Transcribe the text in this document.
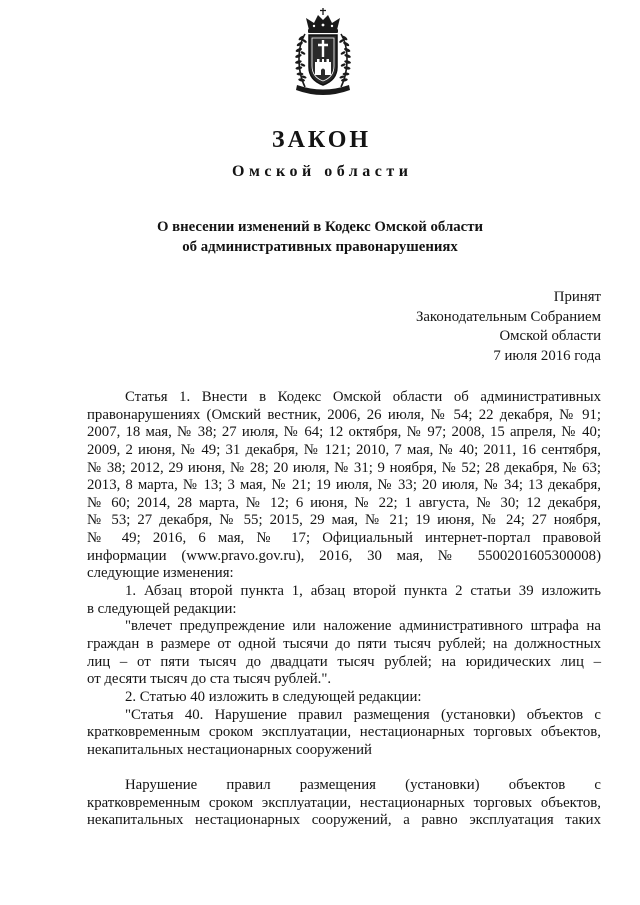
ЗАКОН
Омской области
О внесении изменений в Кодекс Омской области
об административных правонарушениях
Принят
Законодательным Собранием
Омской области
7 июля 2016 года
Статья 1. Внести в Кодекс Омской области об административных
правонарушениях (Омский вестник, 2006, 26 июля, № 54; 22 декабря, № 91;
2007, 18 мая, № 38; 27 июля, № 64; 12 октября, № 97; 2008, 15 апреля, № 40;
2009, 2 июня, № 49; 31 декабря, № 121; 2010, 7 мая, № 40; 2011, 16 сентября,
№ 38; 2012, 29 июня, № 28; 20 июля, № 31; 9 ноября, № 52; 28 декабря, № 63;
2013, 8 марта, № 13; 3 мая, № 21; 19 июля, № 33; 20 июля, № 34; 13 декабря,
№ 60; 2014, 28 марта, № 12; 6 июня, № 22; 1 августа, № 30; 12 декабря,
№ 53; 27 декабря, № 55; 2015, 29 мая, № 21; 19 июня, № 24; 27 ноября,
№ 49; 2016, 6 мая, № 17; Официальный интернет-портал правовой
информации (www.pravo.gov.ru), 2016, 30 мая, № 5500201605300008)
следующие изменения:
1. Абзац второй пункта 1, абзац второй пункта 2 статьи 39 изложить
в следующей редакции:
"влечет предупреждение или наложение административного штрафа на
граждан в размере от одной тысячи до пяти тысяч рублей; на должностных
лиц – от пяти тысяч до двадцати тысяч рублей; на юридических лиц –
от десяти тысяч до ста тысяч рублей.".
2. Статью 40 изложить в следующей редакции:
"Статья 40. Нарушение правил размещения (установки) объектов с
кратковременным сроком эксплуатации, нестационарных торговых объектов,
некапитальных нестационарных сооружений
Нарушение правил размещения (установки) объектов с
кратковременным сроком эксплуатации, нестационарных торговых объектов,
некапитальных нестационарных сооружений, а равно эксплуатация таких
